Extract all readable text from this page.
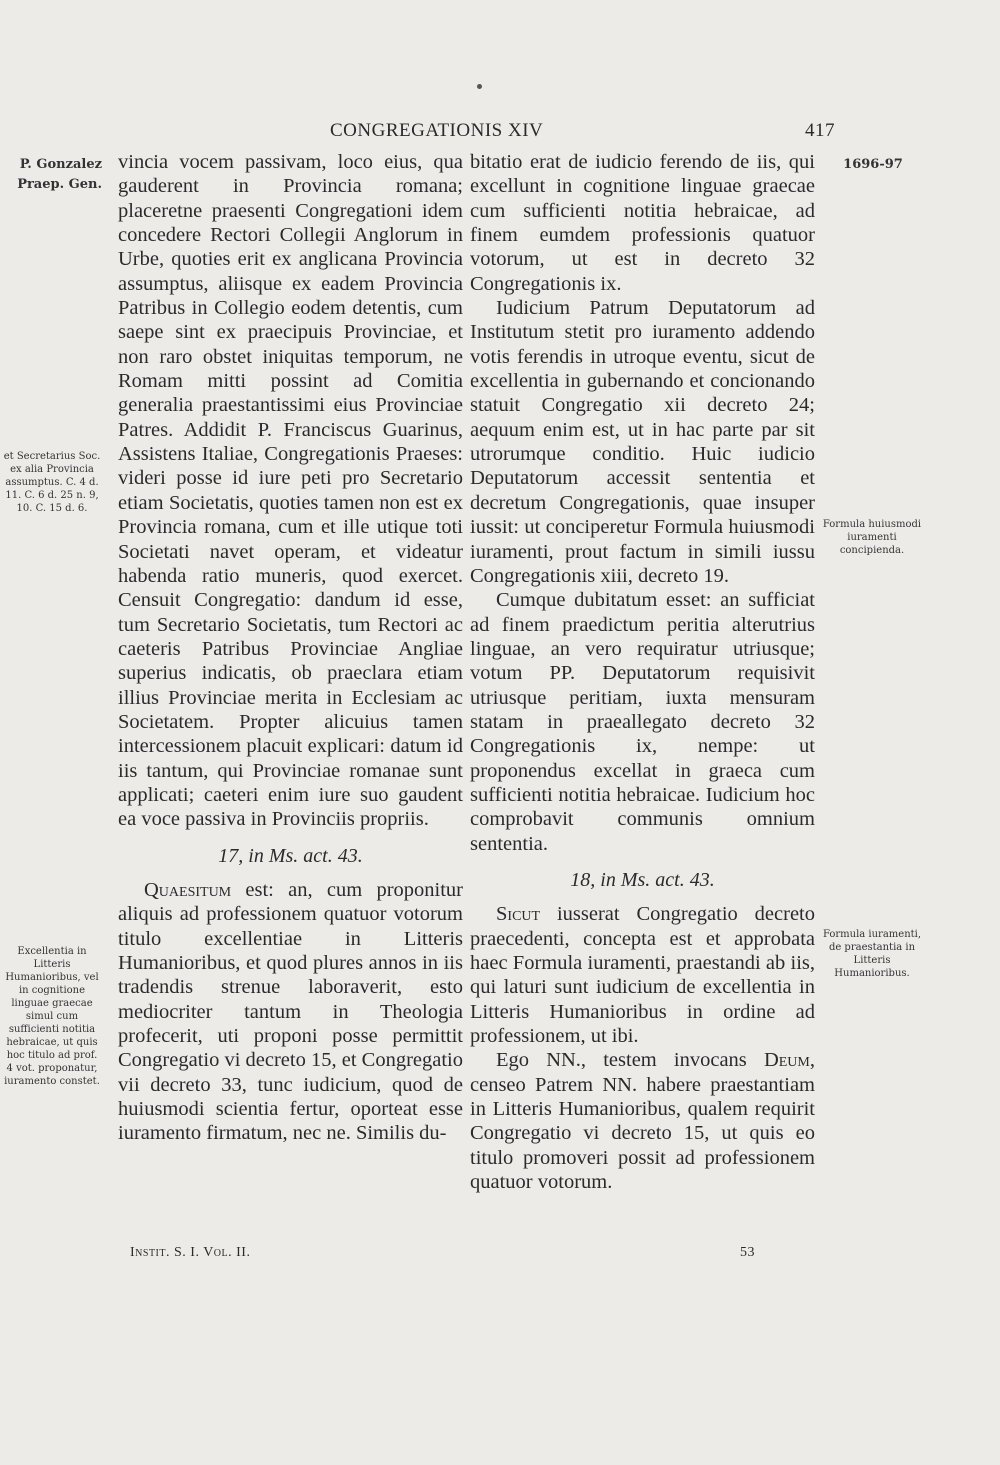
CONGREGATIONIS XIV	417
P. Gonzalez Praep. Gen.
et Secretarius Soc. ex alia Provincia assumptus. C. 4 d. 11. C. 6 d. 25 n. 9, 10. C. 15 d. 6.
Excellentia in Litteris Humanioribus, vel in cognitione linguae graecae simul cum sufficienti notitia hebraicae, ut quis hoc titulo ad prof. 4 vot. proponatur, iuramento constet.
1696-97
Formula huiusmodi iuramenti concipienda.
Formula iuramenti, de praestantia in Litteris Humanioribus.

vincia vocem passivam, loco eius, qua gauderent in Provincia romana; placeretne praesenti Congregationi idem concedere Rectori Collegii Anglorum in Urbe, quoties erit ex anglicana Provincia assumptus, aliisque ex eadem Provincia Patribus in Collegio eodem detentis, cum saepe sint ex praecipuis Provinciae, et non raro obstet iniquitas temporum, ne Romam mitti possint ad Comitia generalia praestantissimi eius Provinciae Patres. Addidit P. Franciscus Guarinus, Assistens Italiae, Congregationis Praeses: videri posse id iure peti pro Secretario etiam Societatis, quoties tamen non est ex Provincia romana, cum et ille utique toti Societati navet operam, et videatur habenda ratio muneris, quod exercet. Censuit Congregatio: dandum id esse, tum Secretario Societatis, tum Rectori ac caeteris Patribus Provinciae Angliae superius indicatis, ob praeclara etiam illius Provinciae merita in Ecclesiam ac Societatem. Propter alicuius tamen intercessionem placuit explicari: datum id iis tantum, qui Provinciae romanae sunt applicati; caeteri enim iure suo gaudent ea voce passiva in Provinciis propriis.

17, in Ms. act. 43.

Quaesitum est: an, cum proponitur aliquis ad professionem quatuor votorum titulo excellentiae in Litteris Humanioribus, et quod plures annos in iis tradendis strenue laboraverit, esto mediocriter tantum in Theologia profecerit, uti proponi posse permittit Congregatio vi decreto 15, et Congregatio vii decreto 33, tunc iudicium, quod de huiusmodi scientia fertur, oporteat esse iuramento firmatum, nec ne. Similis du-

bitatio erat de iudicio ferendo de iis, qui excellunt in cognitione linguae graecae cum sufficienti notitia hebraicae, ad finem eumdem professionis quatuor votorum, ut est in decreto 32 Congregationis ix.

Iudicium Patrum Deputatorum ad Institutum stetit pro iuramento addendo votis ferendis in utroque eventu, sicut de excellentia in gubernando et concionando statuit Congregatio xii decreto 24; aequum enim est, ut in hac parte par sit utrorumque conditio. Huic iudicio Deputatorum accessit sententia et decretum Congregationis, quae insuper iussit: ut conciperetur Formula huiusmodi iuramenti, prout factum in simili iussu Congregationis xiii, decreto 19.

Cumque dubitatum esset: an sufficiat ad finem praedictum peritia alterutrius linguae, an vero requiratur utriusque; votum PP. Deputatorum requisivit utriusque peritiam, iuxta mensuram statam in praeallegato decreto 32 Congregationis ix, nempe: ut proponendus excellat in graeca cum sufficienti notitia hebraicae. Iudicium hoc comprobavit communis omnium sententia.

18, in Ms. act. 43.

Sicut iusserat Congregatio decreto praecedenti, concepta est et approbata haec Formula iuramenti, praestandi ab iis, qui laturi sunt iudicium de excellentia in Litteris Humanioribus in ordine ad professionem, ut ibi.

Ego NN., testem invocans Deum, censeo Patrem NN. habere praestantiam in Litteris Humanioribus, qualem requirit Congregatio vi decreto 15, ut quis eo titulo promoveri possit ad professionem quatuor votorum.

Instit. S. I. Vol. II.	53
